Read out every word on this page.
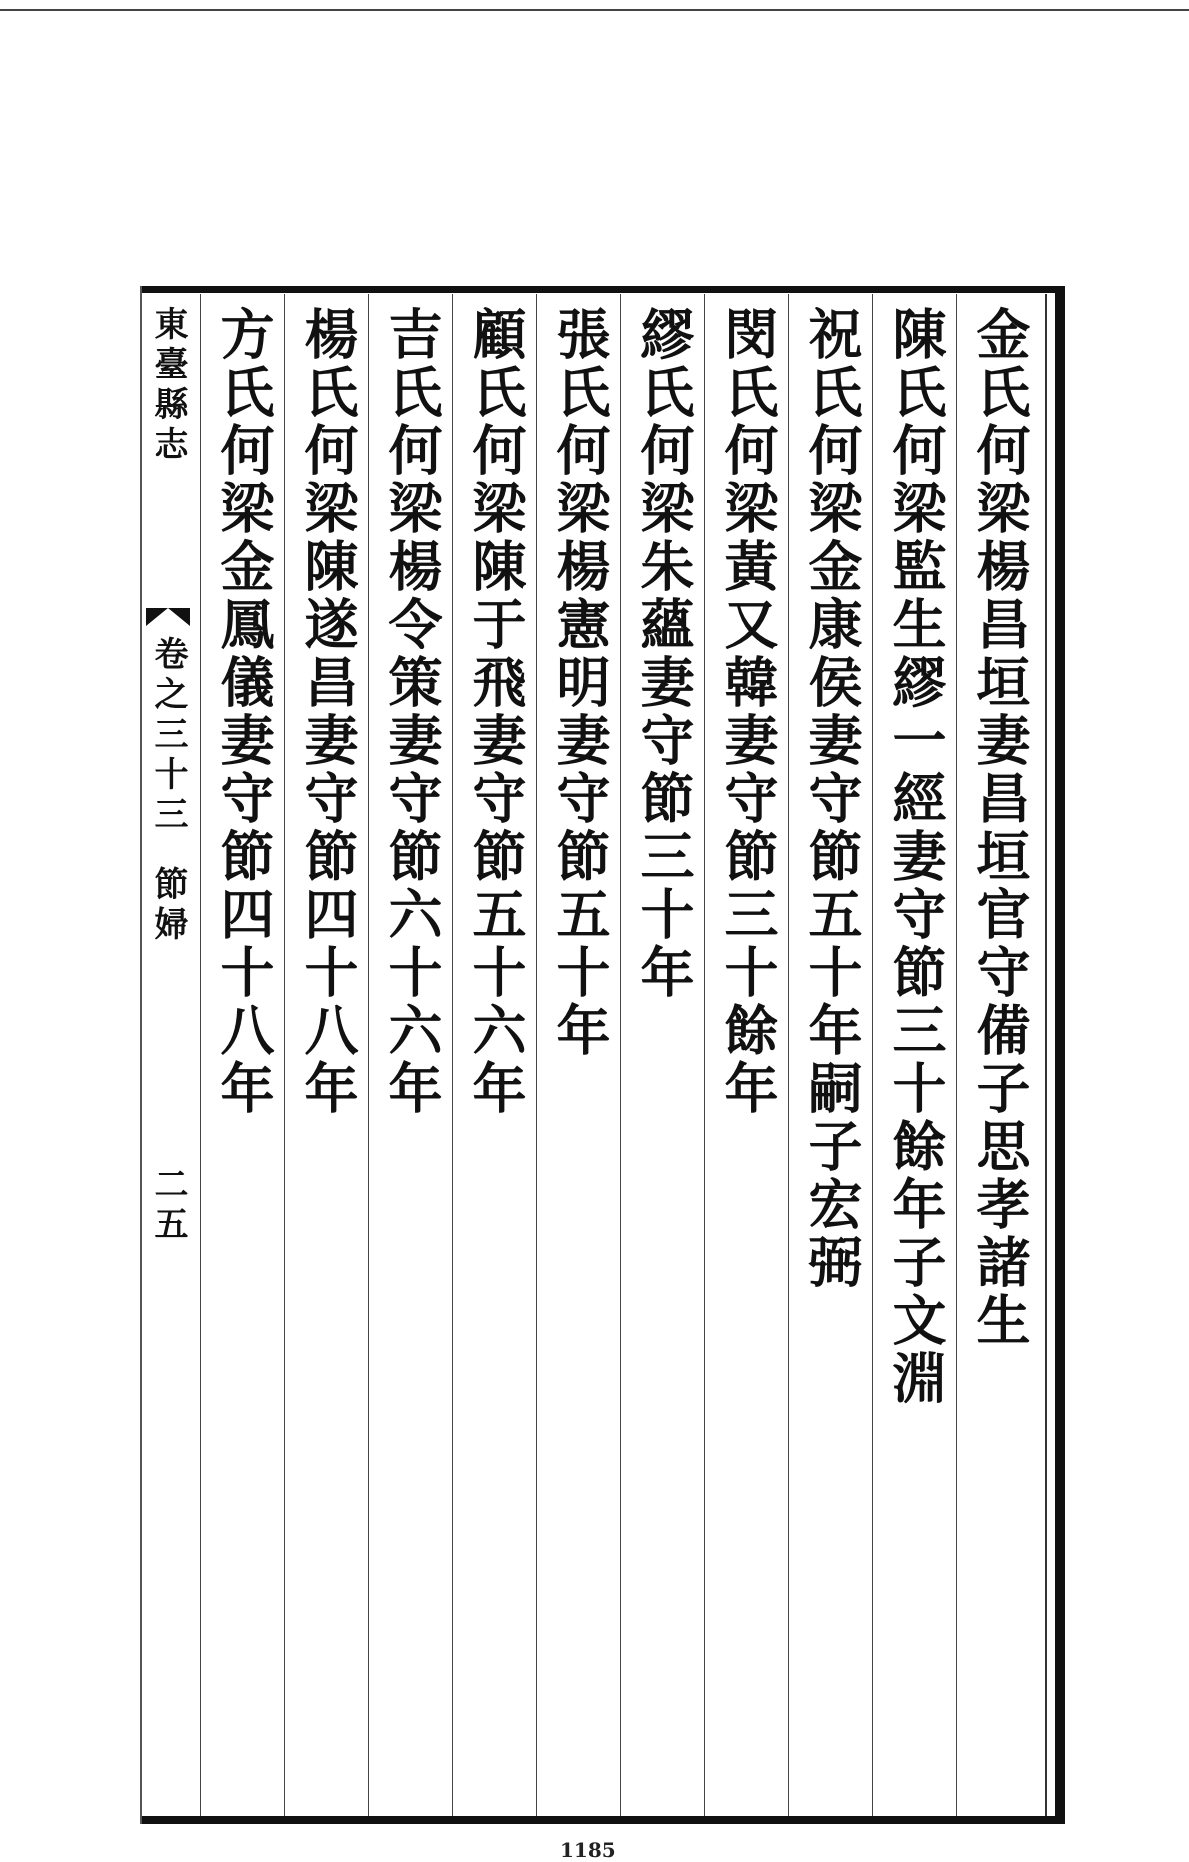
東臺縣志
卷之三十三
節婦
二五	金氏何梁楊昌垣妻昌垣官守備子思孝諸生
陳氏何梁監生繆一經妻守節三十餘年子文淵
祝氏何梁金康侯妻守節五十年嗣子宏弼
閔氏何梁黃又韓妻守節三十餘年
繆氏何梁朱蘊妻守節三十年
張氏何梁楊憲明妻守節五十年
顧氏何梁陳于飛妻守節五十六年
吉氏何梁楊令策妻守節六十六年
楊氏何梁陳遂昌妻守節四十八年
方氏何梁金鳳儀妻守節四十八年
1185
